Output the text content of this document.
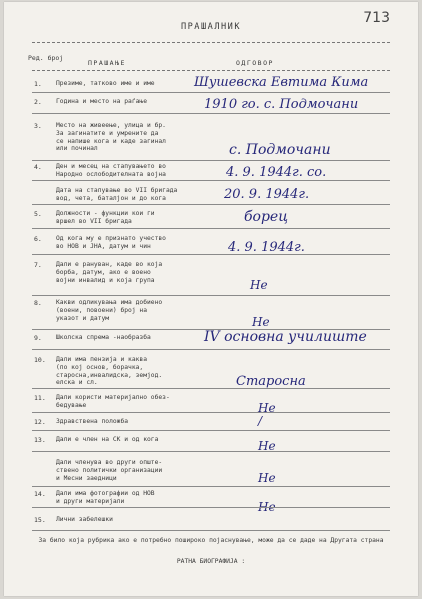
713
ПРАШАЛНИК
Ред. број
ПРАШАЊЕ	ОДГОВОР
1. Презиме, татково име и име	Шушевска Евтима Кима
2. Година и место на раѓање	1910 го. с. Подмочани
3. Место на живеење, улица и бр.
За загинатите и умрените да
се напише кога и каде загинал
или починал	с. Подмочани
4. Ден и месец на стапувањето во
Народно ослободителната војна	4. 9. 1944г. со.
Дата на стапување во VII бригада
вод, чета, баталјон и до кога	20. 9. 1944г.
5. Должности - функции кои ги
вршел во VII бригада	борец
6. Од кога му е признато учество
во НОВ и ЈНА, датум и чин	4. 9. 1944г.
7. Дали е рануван, каде во која
борба, датум, ако е воено
војни инвалид и која група	Не
8. Какви одликувања има добиено
(воени, повоени) број на
указот и датум	Не
9. Школска спрема -наобразба	IV основна училиште
10. Дали има пензија и каква
(по кој основ, борачка,
старосна,инвалидска, земјод.
елска и сл.	Старосна
11. Дали користи материјално обез-
бедување	Не
12. Здравствена положба	/
13. Дали е член на СК и од кога	Не
Дали членува во други опште-
ствено политички организации
и Месни заедници	Не
14. Дали има фотографии од НОВ
и други материјали	Не
15. Лични забелешки
За било која рубрика ако е потребно пошироко појаснување, може да се даде на Другата страна
РАТНА БИОГРАФИЈА :
